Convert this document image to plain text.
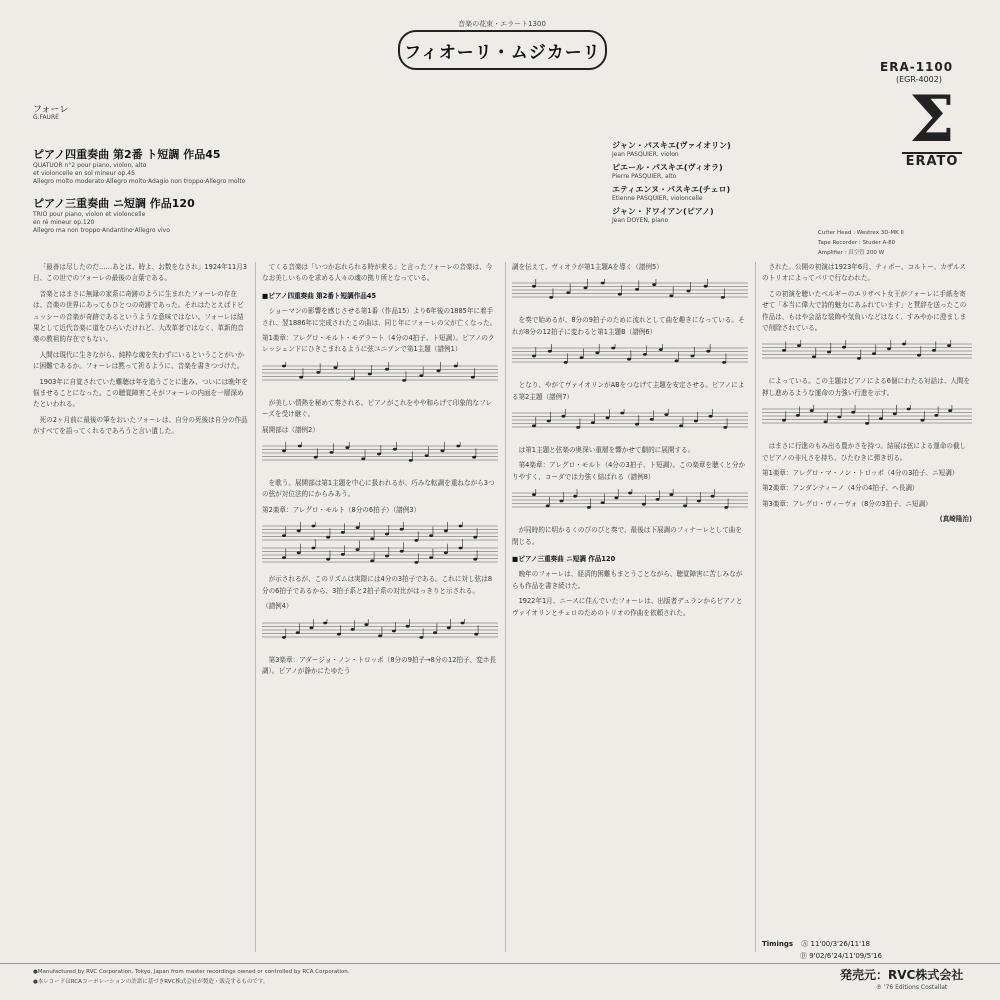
音楽の花束・エラート1300
フィオーリ・ムジカーリ
ERA-1100
(EGR-4002)
Σ
ERATO
フォーレ
G.FAURÉ
ピアノ四重奏曲 第2番 ト短調 作品45
QUATUOR n°2 pour piano, violon, alto
et violoncelle en sol mineur op.45
Allegro molto moderato·Allegro molto·Adagio non troppo·Allegro molto
ピアノ三重奏曲 ニ短調 作品120
TRIO pour piano, violon et violoncelle
en ré mineur op.120
Allegro ma non troppo·Andantino·Allegro vivo
ジャン・パスキエ(ヴァイオリン)
Jean PASQUIER, violon
ピエール・パスキエ(ヴィオラ)
Pierre PASQUIER, alto
エティエンヌ・パスキエ(チェロ)
Etienne PASQUIER, violoncelle
ジャン・ドワイアン(ピアノ)
Jean DOYEN, piano
Cutter Head : Westrex 3D-MK II
Tape Recorder : Studer A-80
Amplifier : 真空管 200 W

「最善は尽したのだ……あとは、時よ、お数をなされ」1924年11月3日、この世でのフォーレの最後の言葉である。

音楽とはまさに無縁の家系に奇跡のように生まれたフォーレの存在は、音楽の世界にあってもひとつの奇跡であった。それはたとえばドビュッシーの音楽が奇跡であるというような意味ではない。フォーレは結果として近代音楽に道をひらいたけれど、大改革者ではなく、革新的音楽の教祖的存在でもない。

人間は現代に生きながら、純粋な魂を失わずにいるということがいかに困難であるか。フォーレは黙って祈るように、音楽を書きつづけた。

1903年に自覚されていた難聴は年を追うごとに進み、ついには晩年を悩ませることになった。この聴覚障害こそがフォーレの内面を一層深めたといわれる。

死の2ヶ月前に最後の筆をおいたフォーレは、自分の死後は自分の作品がすべてを語ってくれるであろうと言い遺した。

てくる音楽は「いつか忘れられる時が来る」と言ったフォーレの音楽は、今なお美しいものを求める人々の魂の拠り所となっている。

■ピアノ四重奏曲 第2番ト短調作品45

ショーマンの影響を感じさせる第1番（作品15）より6年後の1885年に着手され、翌1886年に完成されたこの曲は、同じ年にフォーレの父が亡くなった。

第1楽章：アレグロ・モルト・モデラート（4分の4拍子、ト短調）。ピアノのクレッシェンドにひきこまれるように弦ユニゾンで第1主題（譜例1）

が美しい情熱を秘めて奏される。ピアノがこれをやや和らげて印象的なフレーズを受け継ぐ。

展開部は（譜例2）

を歌う。展開部は第1主題を中心に扱われるが、巧みな転調を重ねながら3つの弦が対位法的にからみあう。

第2楽章：アレグロ・モルト（8分の6拍子）（譜例3）

が示されるが、このリズムは実際には4分の3拍子である。これに対し弦は8分の6拍子であるから、3拍子系と2拍子系の対比がはっきりと示される。

（譜例4）

第3楽章：アダージョ・ノン・トロッポ（8分の9拍子→8分の12拍子、変ホ長調）。ピアノが静かにたゆたう

調を伝えて、ヴィオラが第1主題Aを導く（譜例5）

を奏で始めるが、8分の9拍子のために流れとして曲を趣きになっている。それが8分の12拍子に変わると第1主題B（譜例6）

となり、やがてヴァイオリンがABをつなげて主題を安定させる。ピアノによる第2主題（譜例7）

は第1主題と弦楽の奥深い重層を響かせて劇的に展開する。

第4楽章：アレグロ・モルト（4分の3拍子、ト短調）。この楽章を聴くと分かりやすく、コーダでは力強く結ばれる（譜例8）

が同時的に明かるくのびのびと奏で、最後は下展調のフィナーレとして曲を閉じる。

■ピアノ三重奏曲 ニ短調 作品120

晩年のフォーレは、経済的困難もまとうことながら、聴覚障害に苦しみながらも作品を書き続けた。

1922年1月、ニースに住んでいたフォーレは、出版者デュランからピアノとヴァイオリンとチェロのためのトリオの作曲を依頼された。

された。公開の初演は1923年6月、ティボー、コルトー、カザルスのトリオによってパリで行なわれた。

この初演を聴いたベルギーのエリザベト女王がフォーレに手紙を寄せて「本当に偉大で詩的魅力にあふれています」と賛辞を送ったこの作品は、もはや会話な装飾や気負いなどはなく、すみやかに澄ましまで削除されている。

によっている。この主題はピアノによる6個にわたる対話は、人間を押し進めるような運命の力強い行進を示す。

はまさに行進のもみ出る豊かさを持つ。結展は弦による運命の截しでピアノの非凡さを持ち、ひたむきに弾き切る。

第1楽章：アレグロ・マ・ノン・トロッポ（4分の3拍子、ニ短調）

第2楽章：アンダンティーノ（4分の4拍子、ヘ長調）

第3楽章：アレグロ・ヴィーヴォ（8分の3拍子、ニ短調）

(真崎隆治)

Timings Ⓐ 11'00/3'26/11'18
Ⓑ 9'02/6'24/11'09/5'16
●Manufactured by RVC Corporation, Tokyo, Japan from master recordings owned or controlled by RCA Corporation.
●本レコードはRCAコーポレーションの許諾に基づきRVC株式会社が製造・販売するものです。	発売元：RVC株式会社
℗ '76 Editions Costallat
